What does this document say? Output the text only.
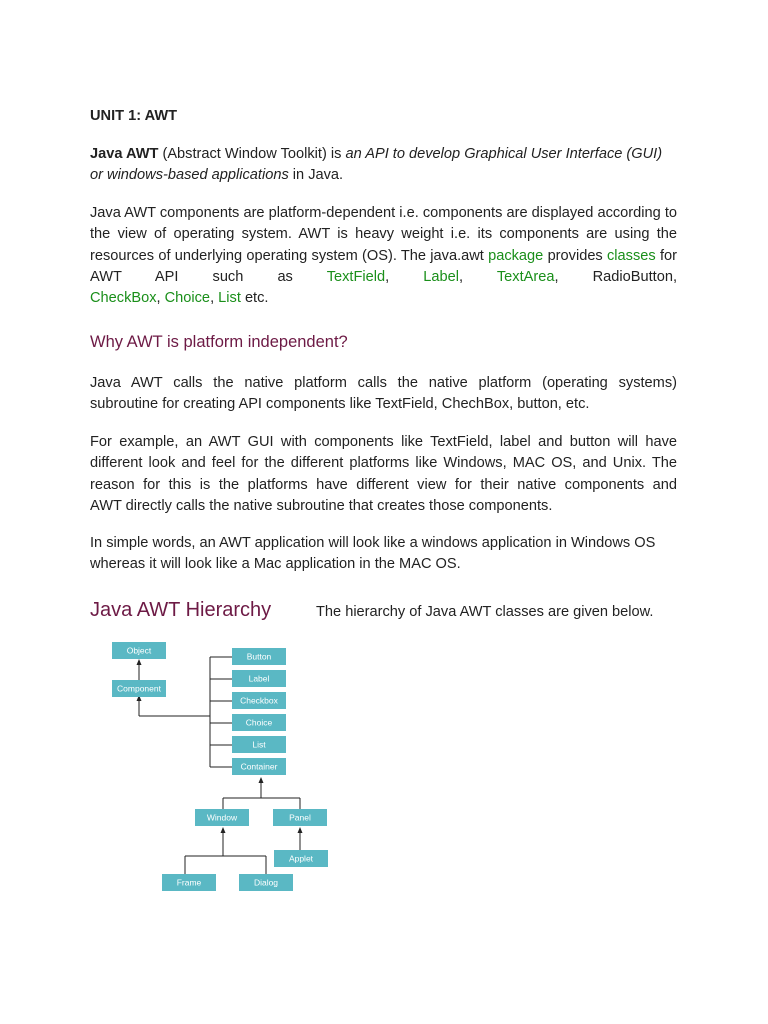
UNIT 1: AWT

Java AWT (Abstract Window Toolkit) is an API to develop Graphical User Interface (GUI) or windows-based applications in Java.

Java AWT components are platform-dependent i.e. components are displayed according to the view of operating system. AWT is heavy weight i.e. its components are using the resources of underlying operating system (OS). The java.awt package provides classes for AWT API such as TextField, Label, TextArea, RadioButton,
CheckBox, Choice, List etc.

Why AWT is platform independent?

Java AWT calls the native platform calls the native platform (operating systems)
subroutine for creating API components like TextField, ChechBox, button, etc.

For example, an AWT GUI with components like TextField, label and button will have different look and feel for the different platforms like Windows, MAC OS, and Unix. The reason for this is the platforms have different view for their native components and
AWT directly calls the native subroutine that creates those components.

In simple words, an AWT application will look like a windows application in Windows OS whereas it will look like a Mac application in the MAC OS.

Java AWT Hierarchy	The hierarchy of Java AWT classes are given below.

Object
Component
Button
Label
Checkbox
Choice
List
Container
Window	Panel
Applet
Frame	Dialog
